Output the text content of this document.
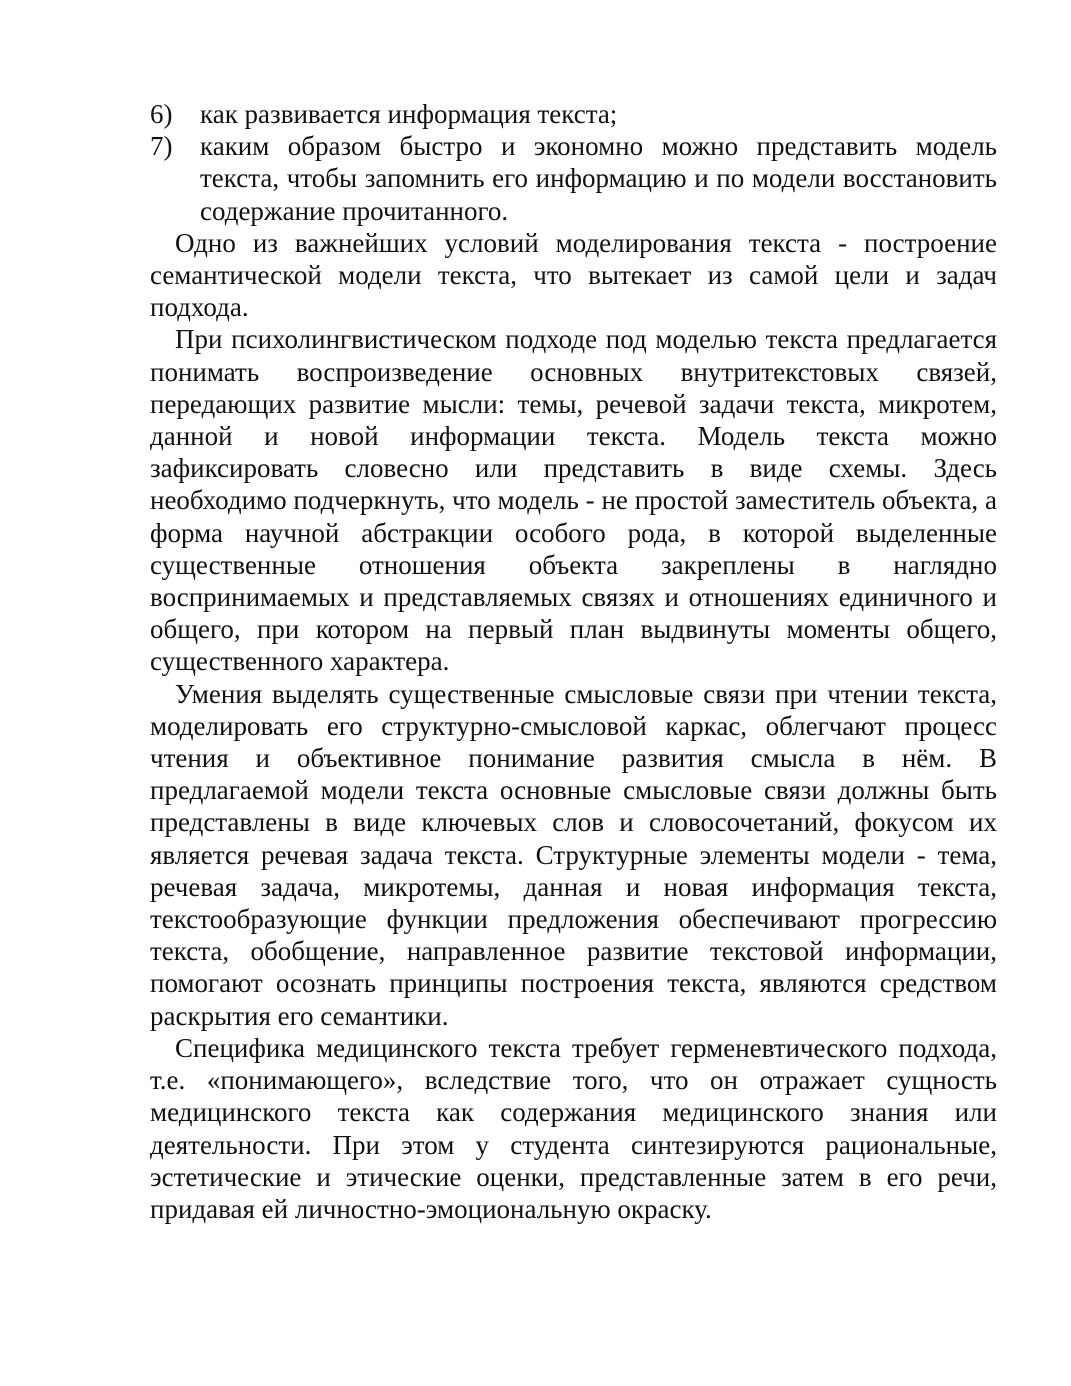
6)	как развивается информация текста;
7)	каким образом быстро и экономно можно представить модель текста, чтобы запомнить его информацию и по модели восстановить содержание прочитанного.

Одно из важнейших условий моделирования текста - построение семантической модели текста, что вытекает из самой цели и задач подхода.

При психолингвистическом подходе под моделью текста предлагается понимать воспроизведение основных внутритекстовых связей, передающих развитие мысли: темы, речевой задачи текста, микротем, данной и новой информации текста. Модель текста можно зафиксировать словесно или представить в виде схемы. Здесь необходимо подчеркнуть, что модель - не простой заместитель объекта, а форма научной абстракции особого рода, в которой выделенные существенные отношения объекта закреплены в наглядно воспринимаемых и представляемых связях и отношениях единичного и общего, при котором на первый план выдвинуты моменты общего, существенного характера.

Умения выделять существенные смысловые связи при чтении текста, моделировать его структурно-смысловой каркас, облегчают процесс чтения и объективное понимание развития смысла в нём. В предлагаемой модели текста основные смысловые связи должны быть представлены в виде ключевых слов и словосочетаний, фокусом их является речевая задача текста. Структурные элементы модели - тема, речевая задача, микротемы, данная и новая информация текста, текстообразующие функции предложения обеспечивают прогрессию текста, обобщение, направленное развитие текстовой информации, помогают осознать принципы построения текста, являются средством раскрытия его семантики.

Специфика медицинского текста требует герменевтического подхода, т.е. «понимающего», вследствие того, что он отражает сущность медицинского текста как содержания медицинского знания или деятельности. При этом у студента синтезируются рациональные, эстетические и этические оценки, представленные затем в его речи, придавая ей личностно-эмоциональную окраску.
